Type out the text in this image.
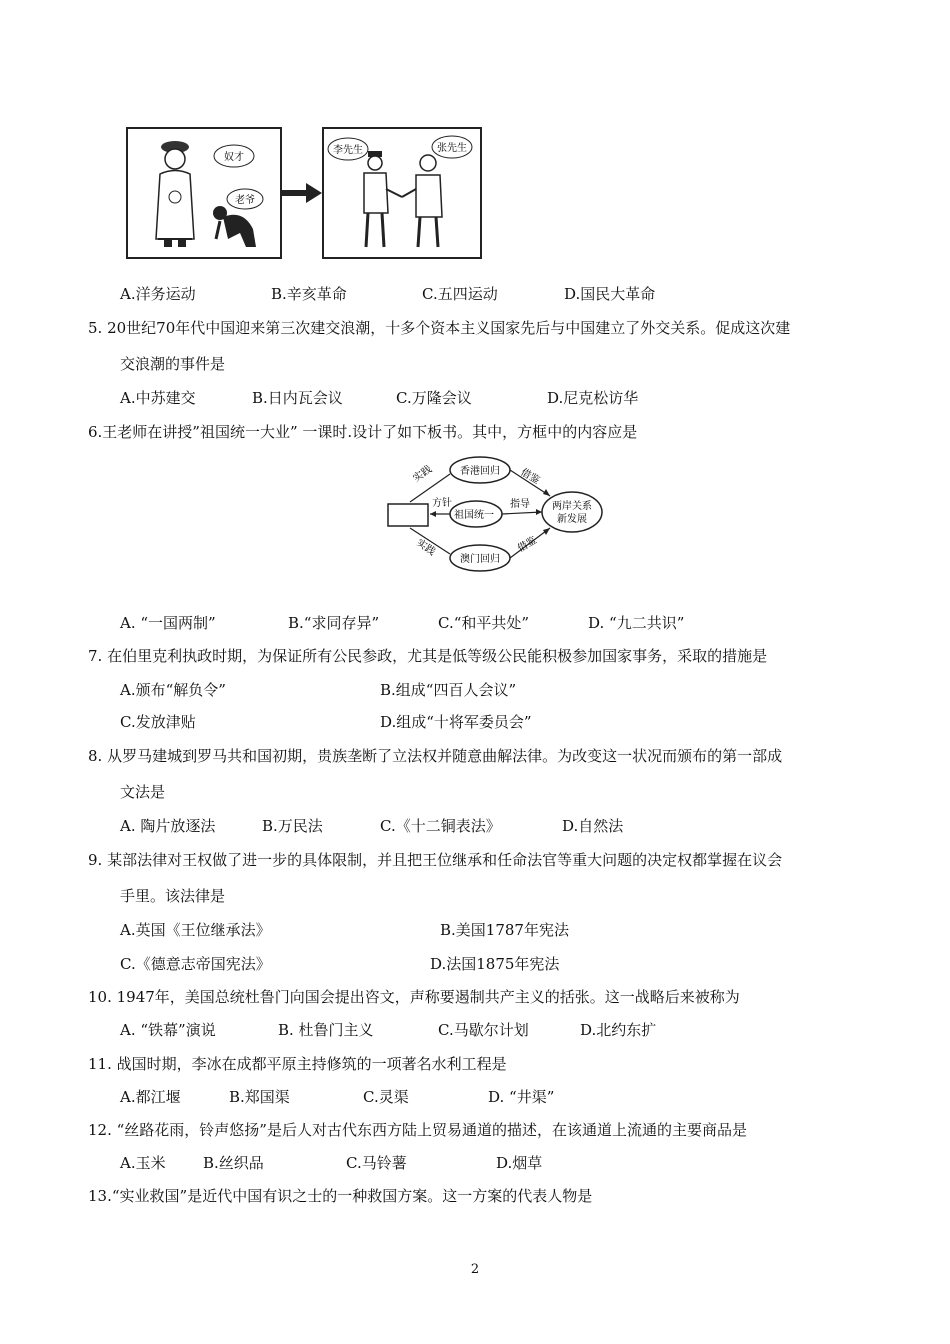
奴才
老爷
李先生	张先生
A.洋务运动	B.辛亥革命	C.五四运动	D.国民大革命
5. 20世纪70年代中国迎来第三次建交浪潮，十多个资本主义国家先后与中国建立了外交关系。促成这次建
交浪潮的事件是
A.中苏建交	B.日内瓦会议	C.万隆会议	D.尼克松访华
6.王老师在讲授”祖国统一大业” 一课时.设计了如下板书。其中，方框中的内容应是
香港回归
祖国统一
澳门回归
两岸关系
新发展
实践
实践
方针	指导
借鉴
借鉴
A. “一国两制”	B.“求同存异”	C.“和平共处”	D. “九二共识”
7. 在伯里克利执政时期，为保证所有公民参政，尤其是低等级公民能积极参加国家事务，采取的措施是
A.颁布“解负令”	B.组成“四百人会议”
C.发放津贴	D.组成“十将军委员会”
8. 从罗马建城到罗马共和国初期，贵族垄断了立法权并随意曲解法律。为改变这一状况而颁布的第一部成
文法是
A. 陶片放逐法	B.万民法	C.《十二铜表法》	D.自然法
9. 某部法律对王权做了进一步的具体限制，并且把王位继承和任命法官等重大问题的决定权都掌握在议会
手里。该法律是
A.英国《王位继承法》	B.美国1787年宪法
C.《德意志帝国宪法》	D.法国1875年宪法
10. 1947年，美国总统杜鲁门向国会提出咨文，声称要遏制共产主义的括张。这一战略后来被称为
A. “铁幕”演说	B. 杜鲁门主义	C.马歇尔计划	D.北约东扩
11. 战国时期，李冰在成都平原主持修筑的一项著名水利工程是
A.都江堰	B.郑国渠	C.灵渠	D. “井渠”
12. “丝路花雨，铃声悠扬”是后人对古代东西方陆上贸易通道的描述，在该通道上流通的主要商品是
A.玉米 B.丝织品	C.马铃薯	D.烟草
13.“实业救国”是近代中国有识之士的一种救国方案。这一方案的代表人物是
2
